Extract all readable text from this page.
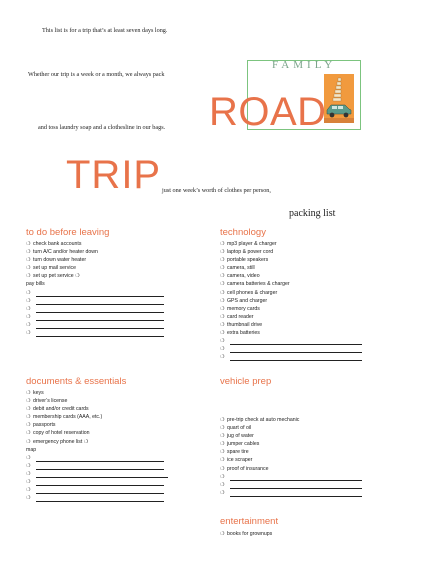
This list is for a trip that’s at least seven days long.
Whether our trip is a week or a month, we always pack
and toss laundry soap and a clothesline in our bags.
just one week’s worth of clothes per person,
FAMILY
ROAD
TRIP
packing list
to do before leaving
❍ check bank accounts
❍ turn A/C and/or heater down
❍ turn down water heater
❍ set up mail service
❍ set up pet service ❍
pay bills
❍
❍
❍
❍
❍
❍
technology
❍ mp3 player & charger
❍ laptop & power cord
❍ portable speakers
❍ camera, still
❍ camera, video
❍ camera batteries & charger
❍ cell phones & charger
❍ GPS and charger
❍ memory cards
❍ card reader
❍ thumbnail drive
❍ extra batteries
❍
❍
❍
documents & essentials
❍ keys
❍ driver’s license
❍ debit and/or credit cards
❍ membership cards (AAA, etc.)
❍ passports
❍ copy of hotel reservation
❍ emergency phone list ❍
map
❍
❍
❍
❍
❍
❍
vehicle prep
❍ pre-trip check at auto mechanic
❍ quart of oil
❍ jug of water
❍ jumper cables
❍ spare tire
❍ ice scraper
❍ proof of insurance
❍
❍
❍
entertainment
❍ books for grownups
